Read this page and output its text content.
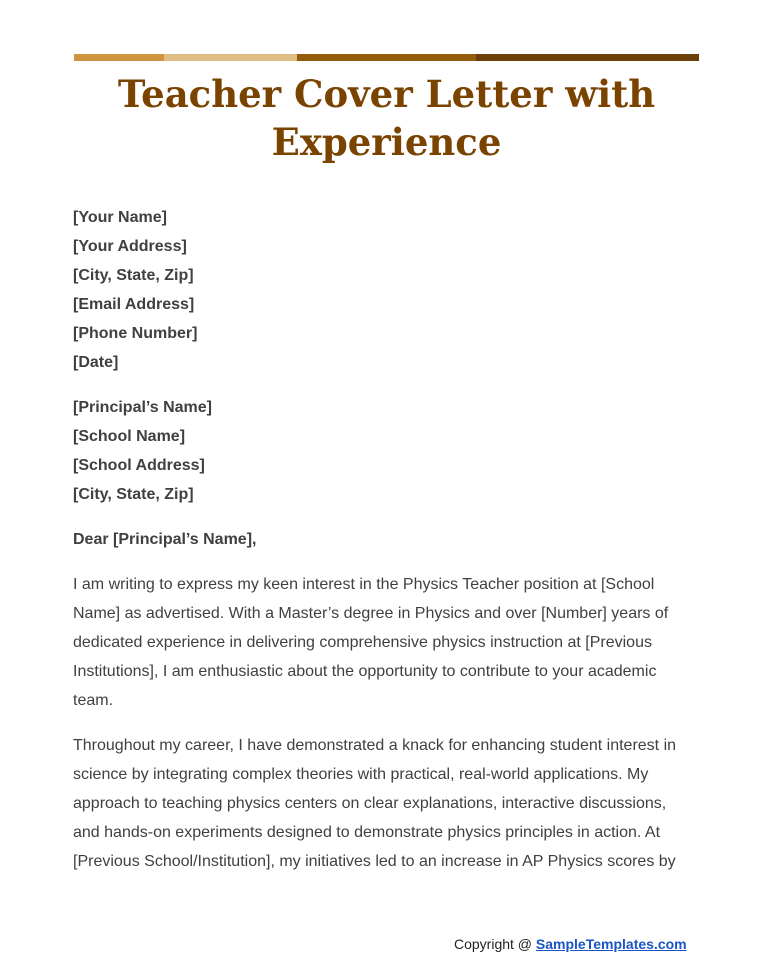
Teacher Cover Letter with Experience
[Your Name]
[Your Address]
[City, State, Zip]
[Email Address]
[Phone Number]
[Date]
[Principal’s Name]
[School Name]
[School Address]
[City, State, Zip]

Dear [Principal’s Name],

I am writing to express my keen interest in the Physics Teacher position at [School Name] as advertised. With a Master’s degree in Physics and over [Number] years of dedicated experience in delivering comprehensive physics instruction at [Previous Institutions], I am enthusiastic about the opportunity to contribute to your academic team.

Throughout my career, I have demonstrated a knack for enhancing student interest in science by integrating complex theories with practical, real-world applications. My approach to teaching physics centers on clear explanations, interactive discussions, and hands-on experiments designed to demonstrate physics principles in action. At [Previous School/Institution], my initiatives led to an increase in AP Physics scores by

Copyright @ SampleTemplates.com
